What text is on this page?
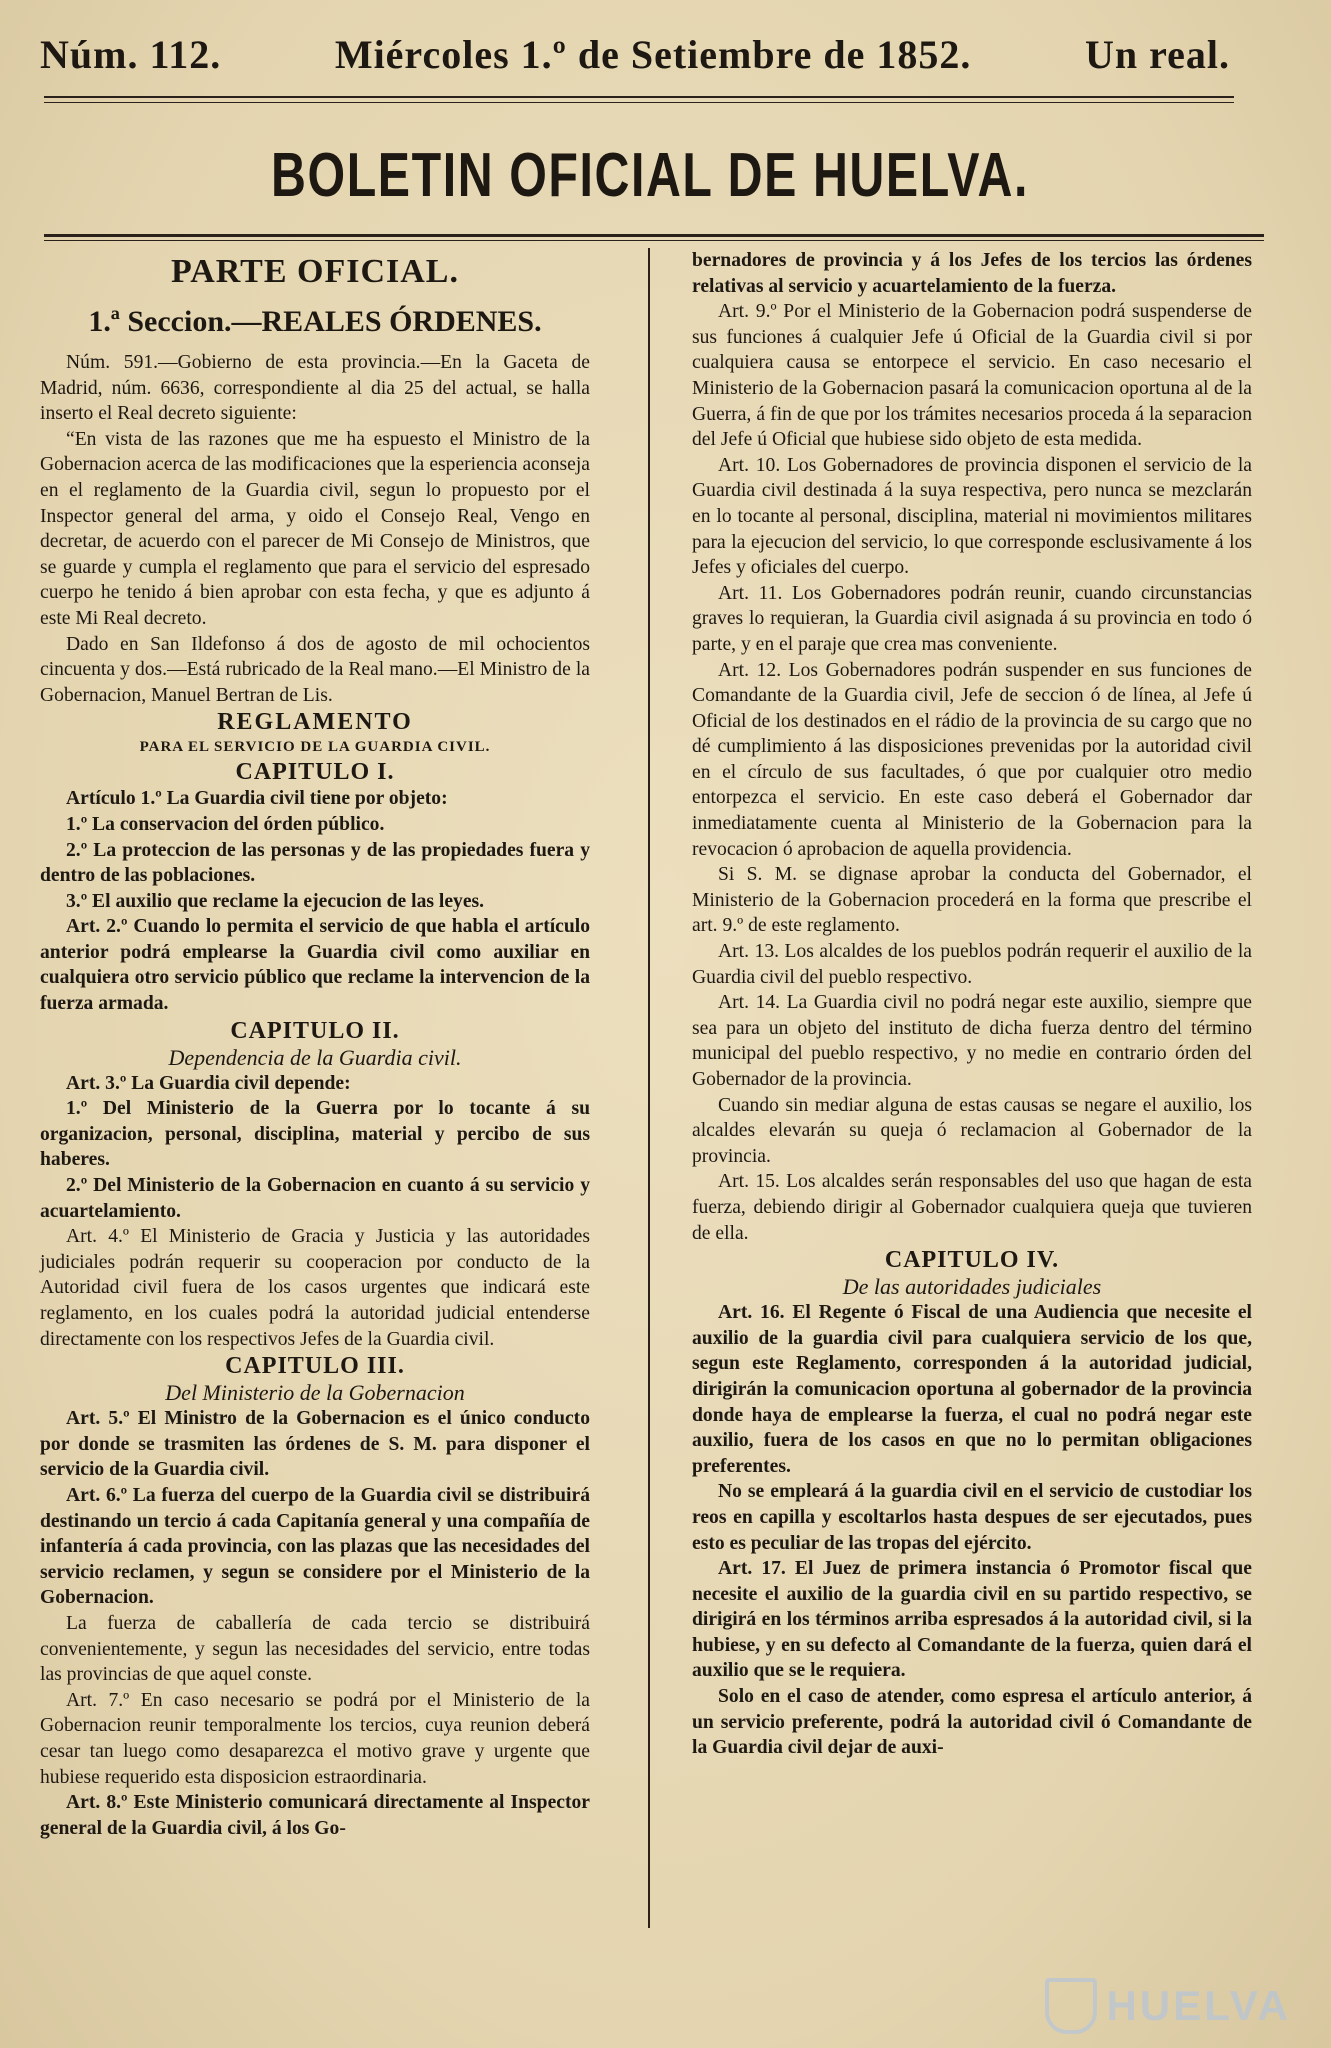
Núm. 112.	Miércoles 1.º de Setiembre de 1852.	Un real.
BOLETIN OFICIAL DE HUELVA.
PARTE OFICIAL.
1.ª Seccion.—REALES ÓRDENES.

Núm. 591.—Gobierno de esta provincia.—En la Gaceta de Madrid, núm. 6636, correspondiente al dia 25 del actual, se halla inserto el Real decreto siguiente:

“En vista de las razones que me ha espuesto el Ministro de la Gobernacion acerca de las modificaciones que la esperiencia aconseja en el reglamento de la Guardia civil, segun lo propuesto por el Inspector general del arma, y oido el Consejo Real, Vengo en decretar, de acuerdo con el parecer de Mi Consejo de Ministros, que se guarde y cumpla el reglamento que para el servicio del espresado cuerpo he tenido á bien aprobar con esta fecha, y que es adjunto á este Mi Real decreto.

Dado en San Ildefonso á dos de agosto de mil ochocientos cincuenta y dos.—Está rubricado de la Real mano.—El Ministro de la Gobernacion, Manuel Bertran de Lis.

REGLAMENTO
PARA EL SERVICIO DE LA GUARDIA CIVIL.
CAPITULO I.

Artículo 1.º La Guardia civil tiene por objeto:

1.º La conservacion del órden público.

2.º La proteccion de las personas y de las propiedades fuera y dentro de las poblaciones.

3.º El auxilio que reclame la ejecucion de las leyes.

Art. 2.º Cuando lo permita el servicio de que habla el artículo anterior podrá emplearse la Guardia civil como auxiliar en cualquiera otro servicio público que reclame la intervencion de la fuerza armada.

CAPITULO II.
Dependencia de la Guardia civil.

Art. 3.º La Guardia civil depende:

1.º Del Ministerio de la Guerra por lo tocante á su organizacion, personal, disciplina, material y percibo de sus haberes.

2.º Del Ministerio de la Gobernacion en cuanto á su servicio y acuartelamiento.

Art. 4.º El Ministerio de Gracia y Justicia y las autoridades judiciales podrán requerir su cooperacion por conducto de la Autoridad civil fuera de los casos urgentes que indicará este reglamento, en los cuales podrá la autoridad judicial entenderse directamente con los respectivos Jefes de la Guardia civil.

CAPITULO III.
Del Ministerio de la Gobernacion

Art. 5.º El Ministro de la Gobernacion es el único conducto por donde se trasmiten las órdenes de S. M. para disponer el servicio de la Guardia civil.

Art. 6.º La fuerza del cuerpo de la Guardia civil se distribuirá destinando un tercio á cada Capitanía general y una compañía de infantería á cada provincia, con las plazas que las necesidades del servicio reclamen, y segun se considere por el Ministerio de la Gobernacion.

La fuerza de caballería de cada tercio se distribuirá convenientemente, y segun las necesidades del servicio, entre todas las provincias de que aquel conste.

Art. 7.º En caso necesario se podrá por el Ministerio de la Gobernacion reunir temporalmente los tercios, cuya reunion deberá cesar tan luego como desaparezca el motivo grave y urgente que hubiese requerido esta disposicion estraordinaria.

Art. 8.º Este Ministerio comunicará directamente al Inspector general de la Guardia civil, á los Go-

bernadores de provincia y á los Jefes de los tercios las órdenes relativas al servicio y acuartelamiento de la fuerza.

Art. 9.º Por el Ministerio de la Gobernacion podrá suspenderse de sus funciones á cualquier Jefe ú Oficial de la Guardia civil si por cualquiera causa se entorpece el servicio. En caso necesario el Ministerio de la Gobernacion pasará la comunicacion oportuna al de la Guerra, á fin de que por los trámites necesarios proceda á la separacion del Jefe ú Oficial que hubiese sido objeto de esta medida.

Art. 10. Los Gobernadores de provincia disponen el servicio de la Guardia civil destinada á la suya respectiva, pero nunca se mezclarán en lo tocante al personal, disciplina, material ni movimientos militares para la ejecucion del servicio, lo que corresponde esclusivamente á los Jefes y oficiales del cuerpo.

Art. 11. Los Gobernadores podrán reunir, cuando circunstancias graves lo requieran, la Guardia civil asignada á su provincia en todo ó parte, y en el paraje que crea mas conveniente.

Art. 12. Los Gobernadores podrán suspender en sus funciones de Comandante de la Guardia civil, Jefe de seccion ó de línea, al Jefe ú Oficial de los destinados en el rádio de la provincia de su cargo que no dé cumplimiento á las disposiciones prevenidas por la autoridad civil en el círculo de sus facultades, ó que por cualquier otro medio entorpezca el servicio. En este caso deberá el Gobernador dar inmediatamente cuenta al Ministerio de la Gobernacion para la revocacion ó aprobacion de aquella providencia.

Si S. M. se dignase aprobar la conducta del Gobernador, el Ministerio de la Gobernacion procederá en la forma que prescribe el art. 9.º de este reglamento.

Art. 13. Los alcaldes de los pueblos podrán requerir el auxilio de la Guardia civil del pueblo respectivo.

Art. 14. La Guardia civil no podrá negar este auxilio, siempre que sea para un objeto del instituto de dicha fuerza dentro del término municipal del pueblo respectivo, y no medie en contrario órden del Gobernador de la provincia.

Cuando sin mediar alguna de estas causas se negare el auxilio, los alcaldes elevarán su queja ó reclamacion al Gobernador de la provincia.

Art. 15. Los alcaldes serán responsables del uso que hagan de esta fuerza, debiendo dirigir al Gobernador cualquiera queja que tuvieren de ella.

CAPITULO IV.
De las autoridades judiciales

Art. 16. El Regente ó Fiscal de una Audiencia que necesite el auxilio de la guardia civil para cualquiera servicio de los que, segun este Reglamento, corresponden á la autoridad judicial, dirigirán la comunicacion oportuna al gobernador de la provincia donde haya de emplearse la fuerza, el cual no podrá negar este auxilio, fuera de los casos en que no lo permitan obligaciones preferentes.

No se empleará á la guardia civil en el servicio de custodiar los reos en capilla y escoltarlos hasta despues de ser ejecutados, pues esto es peculiar de las tropas del ejército.

Art. 17. El Juez de primera instancia ó Promotor fiscal que necesite el auxilio de la guardia civil en su partido respectivo, se dirigirá en los términos arriba espresados á la autoridad civil, si la hubiese, y en su defecto al Comandante de la fuerza, quien dará el auxilio que se le requiera.

Solo en el caso de atender, como espresa el artículo anterior, á un servicio preferente, podrá la autoridad civil ó Comandante de la Guardia civil dejar de auxi-

HUELVA
